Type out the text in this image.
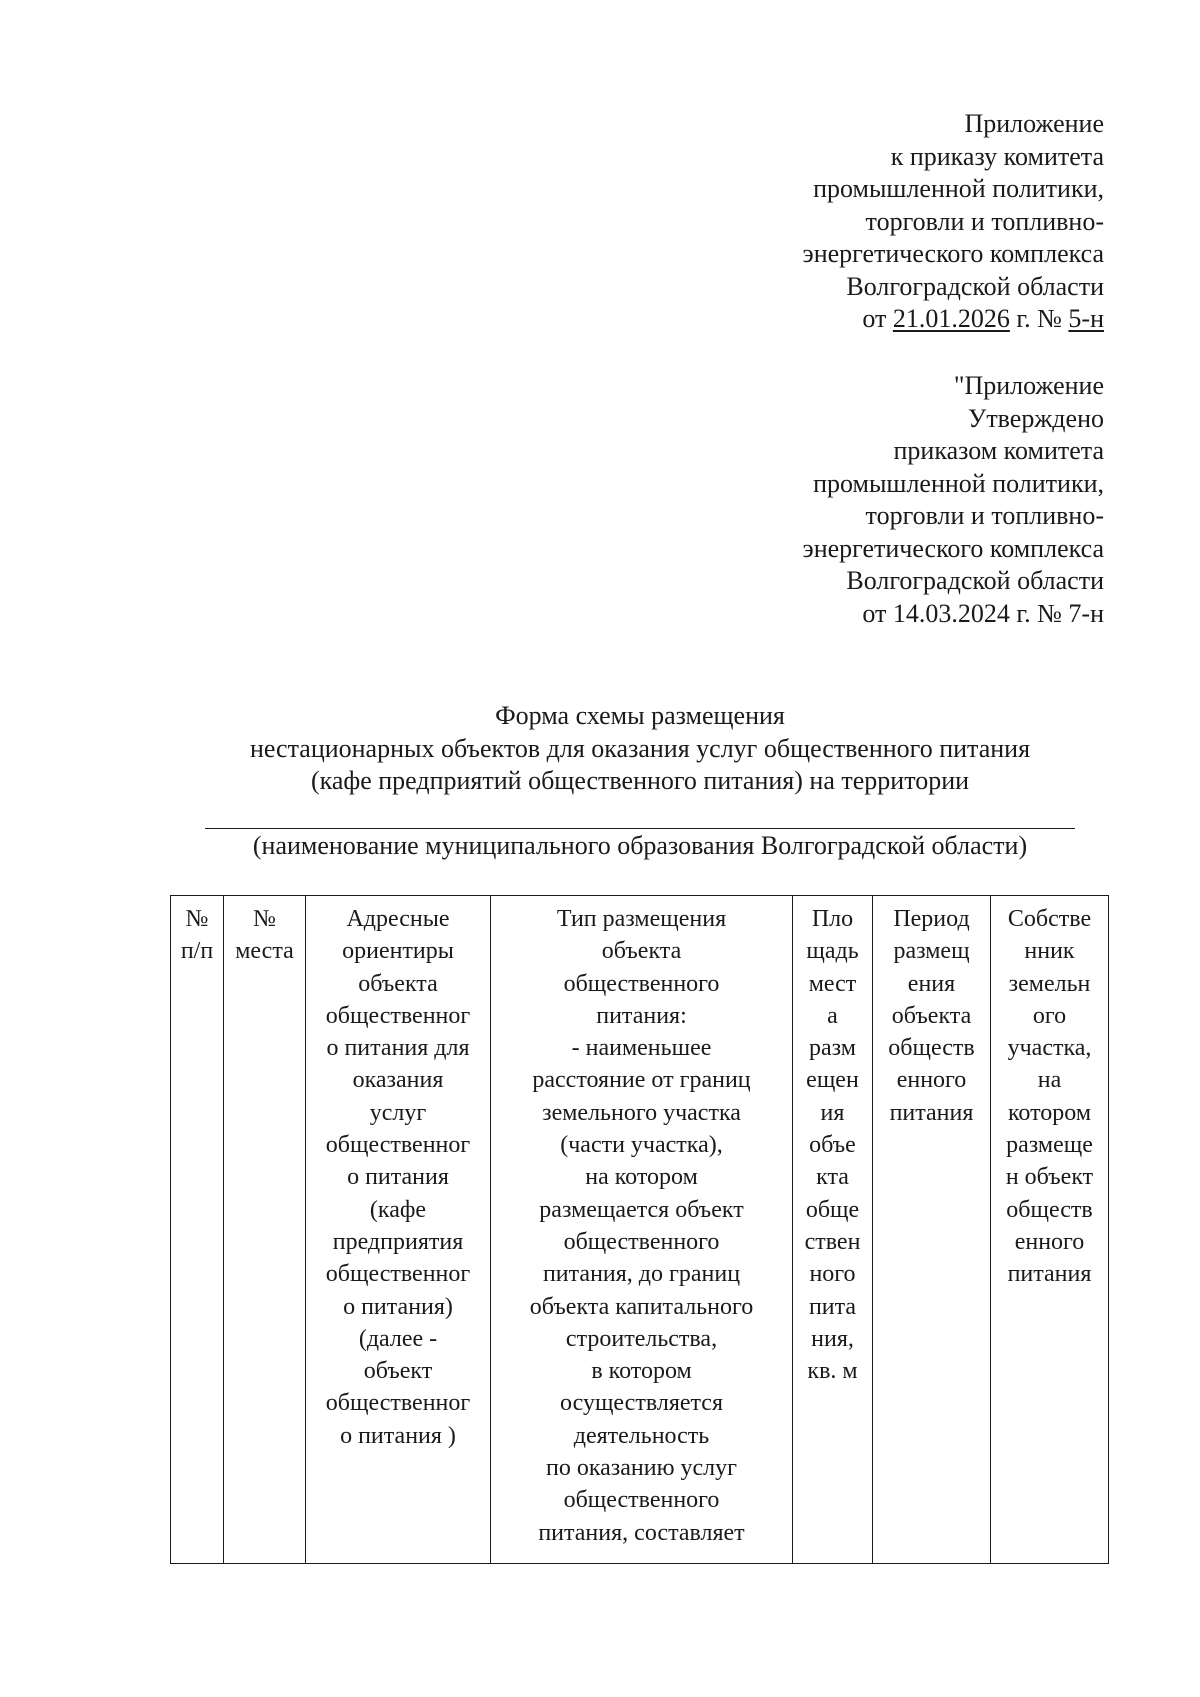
Приложение
к приказу комитета
промышленной политики,
торговли и топливно-
энергетического комплекса
Волгоградской области
от 21.01.2026 г. № 5-н
"Приложение
Утверждено
приказом комитета
промышленной политики,
торговли и топливно-
энергетического комплекса
Волгоградской области
от 14.03.2024 г. № 7-н
Форма схемы размещения
нестационарных объектов для оказания услуг общественного питания
(кафе предприятий общественного питания) на территории
(наименование муниципального образования Волгоградской области)
№
п/п

№
места

Адресные
ориентиры
объекта
общественног
о питания для
оказания
услуг
общественног
о питания
(кафе
предприятия
общественног
о питания)
(далее -
объект
общественног
о питания )

Тип размещения
объекта
общественного
питания:
- наименьшее
расстояние от границ
земельного участка
(части участка),
на котором
размещается объект
общественного
питания, до границ
объекта капитального
строительства,
в котором
осуществляется
деятельность
по оказанию услуг
общественного
питания, составляет

Пло
щадь
мест
а
разм
ещен
ия
объе
кта
обще
ствен
ного
пита
ния,
кв. м

Период
размещ
ения
объекта
обществ
енного
питания

Собстве
нник
земельн
ого
участка,
на
котором
размеще
н объект
обществ
енного
питания
